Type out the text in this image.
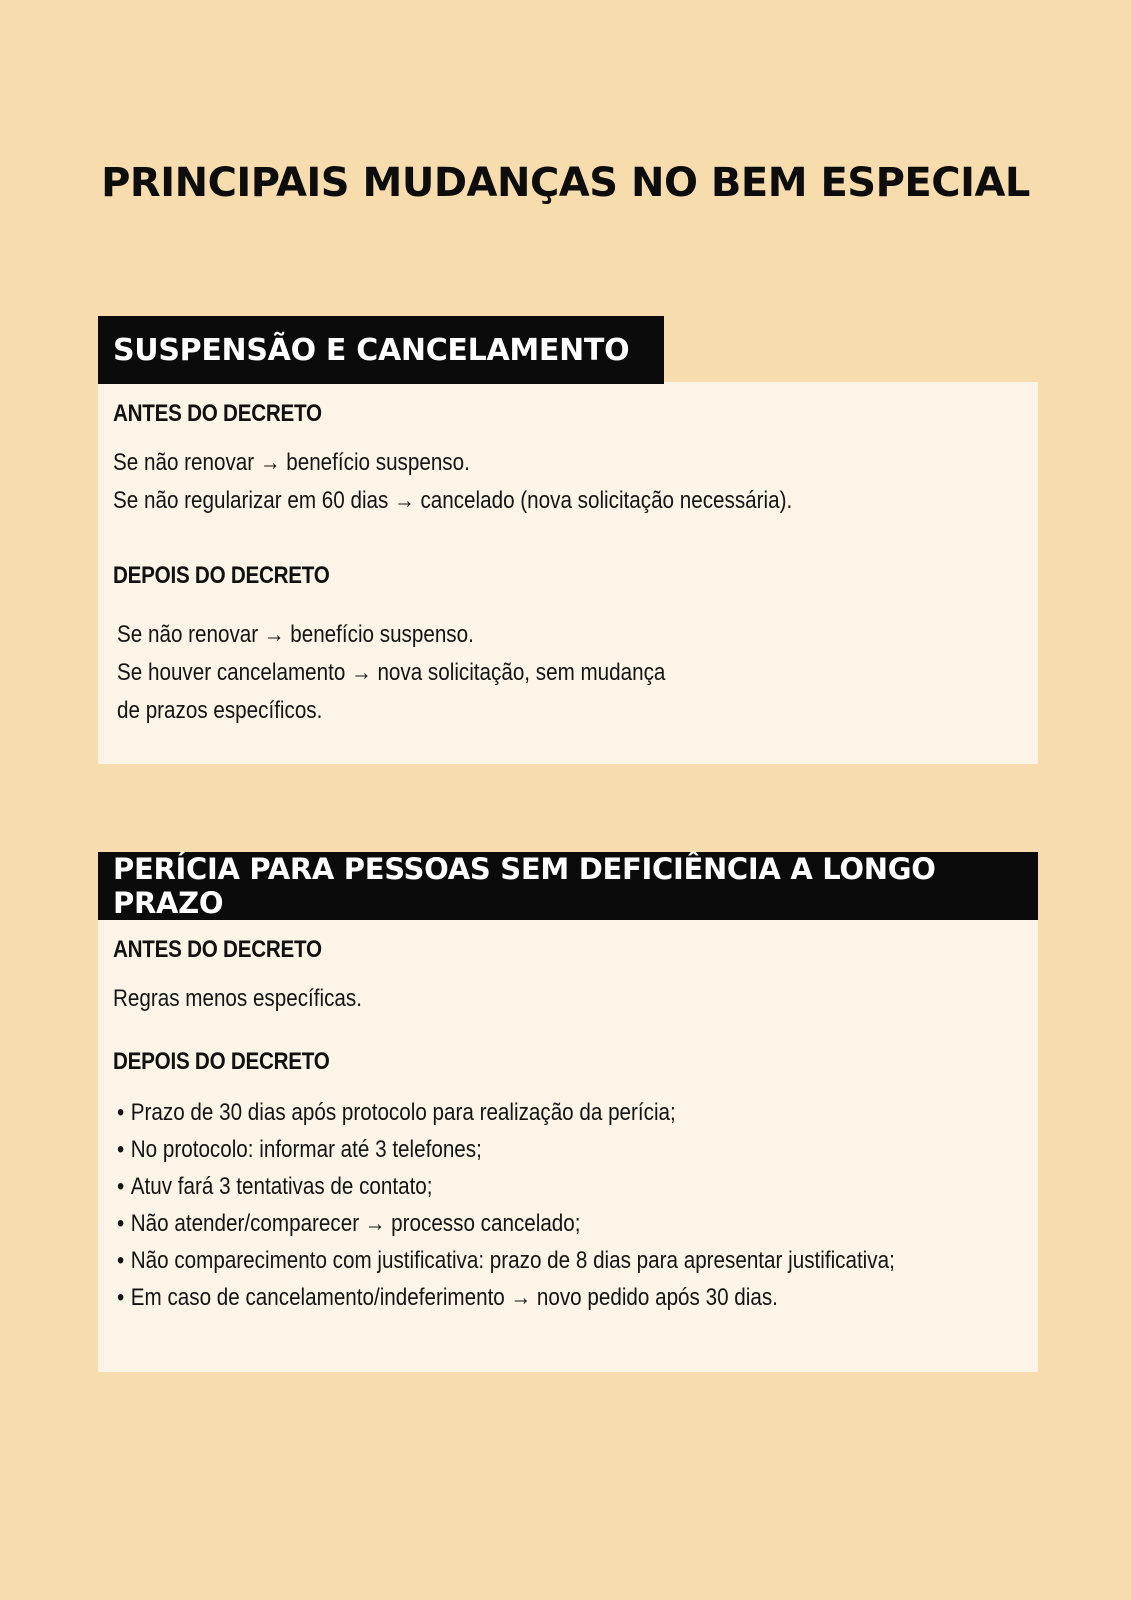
PRINCIPAIS MUDANÇAS NO BEM ESPECIAL
SUSPENSÃO E CANCELAMENTO
ANTES DO DECRETO

Se não renovar → benefício suspenso.

Se não regularizar em 60 dias → cancelado (nova solicitação necessária).

DEPOIS DO DECRETO

Se não renovar → benefício suspenso.

Se houver cancelamento → nova solicitação, sem mudança

de prazos específicos.

PERÍCIA PARA PESSOAS SEM DEFICIÊNCIA A LONGO PRAZO
ANTES DO DECRETO

Regras menos específicas.

DEPOIS DO DECRETO
• Prazo de 30 dias após protocolo para realização da perícia;
• No protocolo: informar até 3 telefones;
• Atuv fará 3 tentativas de contato;
• Não atender/comparecer → processo cancelado;
• Não comparecimento com justificativa: prazo de 8 dias para apresentar justificativa;
• Em caso de cancelamento/indeferimento → novo pedido após 30 dias.
